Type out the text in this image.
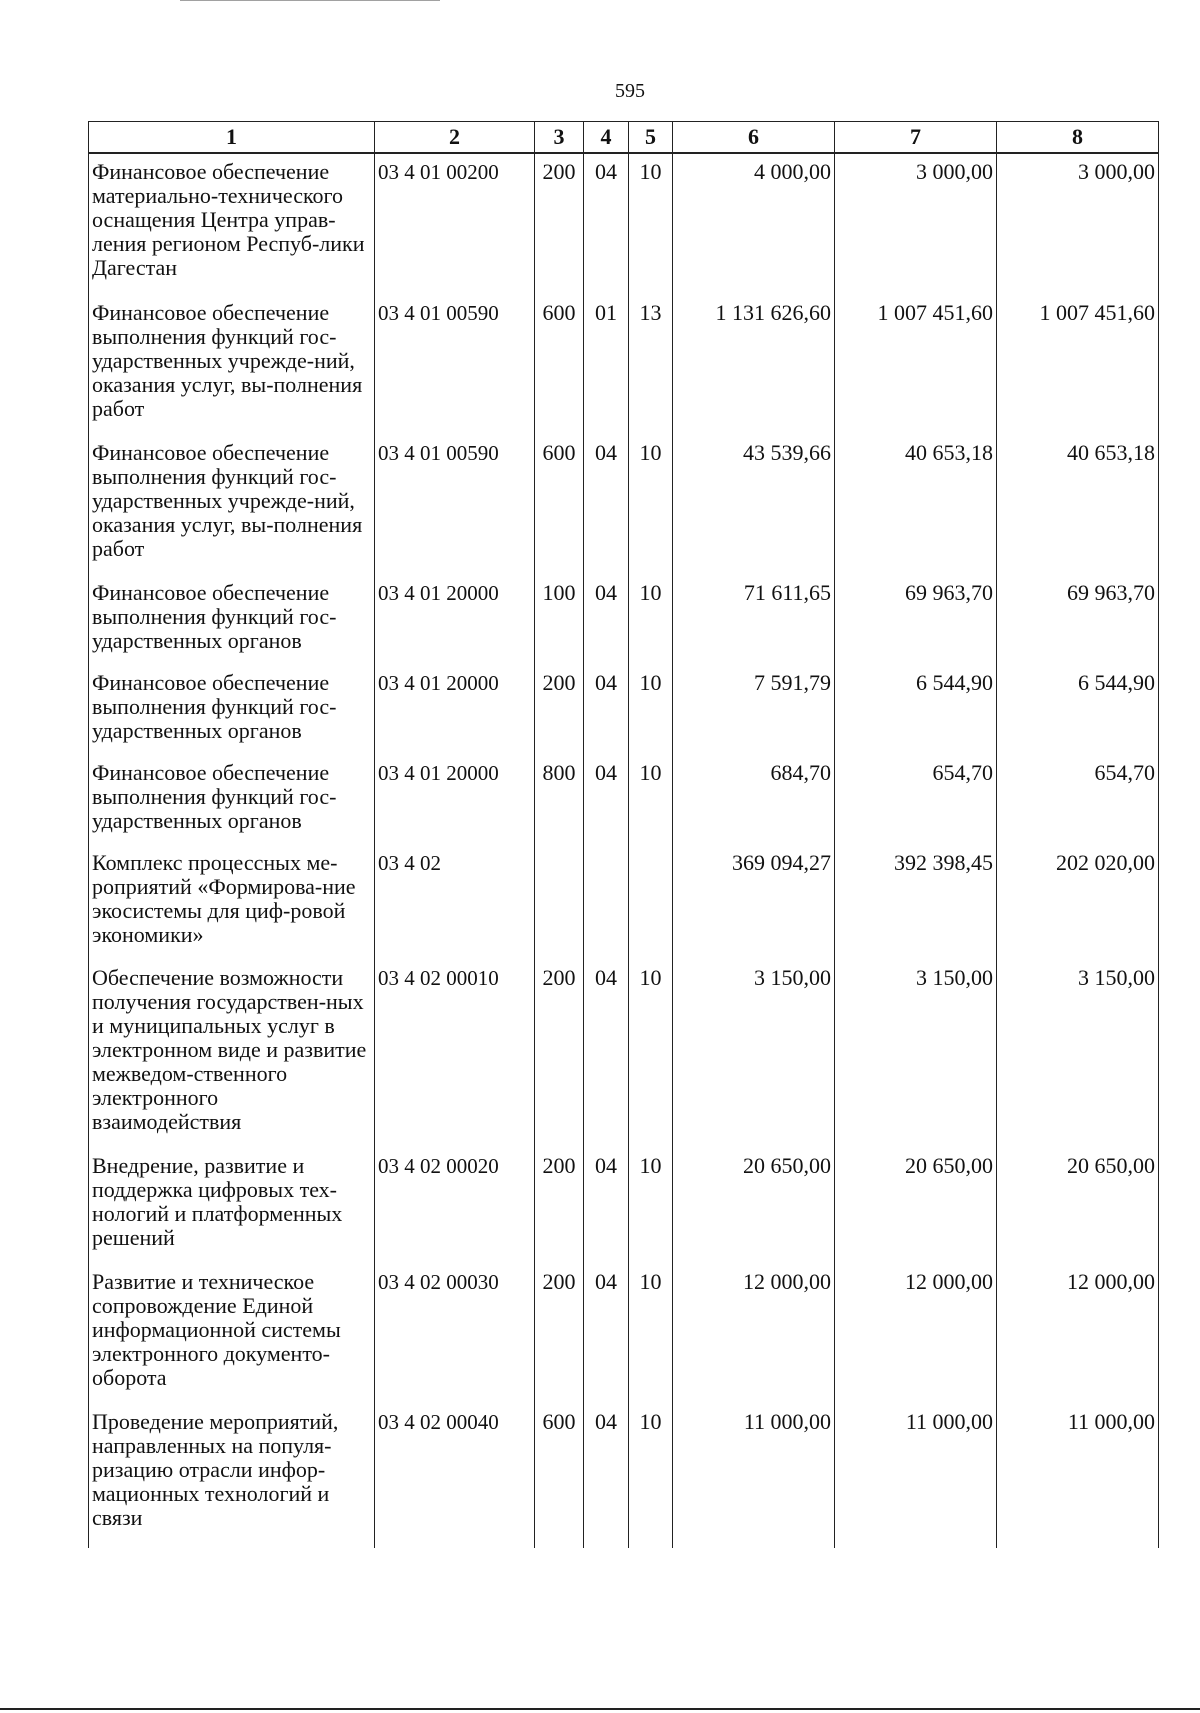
595
1	2	3	4	5	6	7	8
Финансовое обеспечение материально-технического оснащения Центра управ-ления регионом Респуб-лики Дагестан	03 4 01 00200	200	04	10	4 000,00	3 000,00	3 000,00
Финансовое обеспечение выполнения функций гос-ударственных учрежде-ний, оказания услуг, вы-полнения работ	03 4 01 00590	600	01	13	1 131 626,60	1 007 451,60	1 007 451,60
Финансовое обеспечение выполнения функций гос-ударственных учрежде-ний, оказания услуг, вы-полнения работ	03 4 01 00590	600	04	10	43 539,66	40 653,18	40 653,18
Финансовое обеспечение выполнения функций гос-ударственных органов	03 4 01 20000	100	04	10	71 611,65	69 963,70	69 963,70
Финансовое обеспечение выполнения функций гос-ударственных органов	03 4 01 20000	200	04	10	7 591,79	6 544,90	6 544,90
Финансовое обеспечение выполнения функций гос-ударственных органов	03 4 01 20000	800	04	10	684,70	654,70	654,70
Комплекс процессных ме-роприятий «Формирова-ние экосистемы для циф-ровой экономики»	03 4 02				369 094,27	392 398,45	202 020,00
Обеспечение возможности получения государствен-ных и муниципальных услуг в электронном виде и развитие межведом-ственного электронного взаимодействия	03 4 02 00010	200	04	10	3 150,00	3 150,00	3 150,00
Внедрение, развитие и поддержка цифровых тех-нологий и платформенных решений	03 4 02 00020	200	04	10	20 650,00	20 650,00	20 650,00
Развитие и техническое сопровождение Единой информационной системы электронного документо-оборота	03 4 02 00030	200	04	10	12 000,00	12 000,00	12 000,00
Проведение мероприятий, направленных на популя-ризацию отрасли инфор-мационных технологий и связи	03 4 02 00040	600	04	10	11 000,00	11 000,00	11 000,00
